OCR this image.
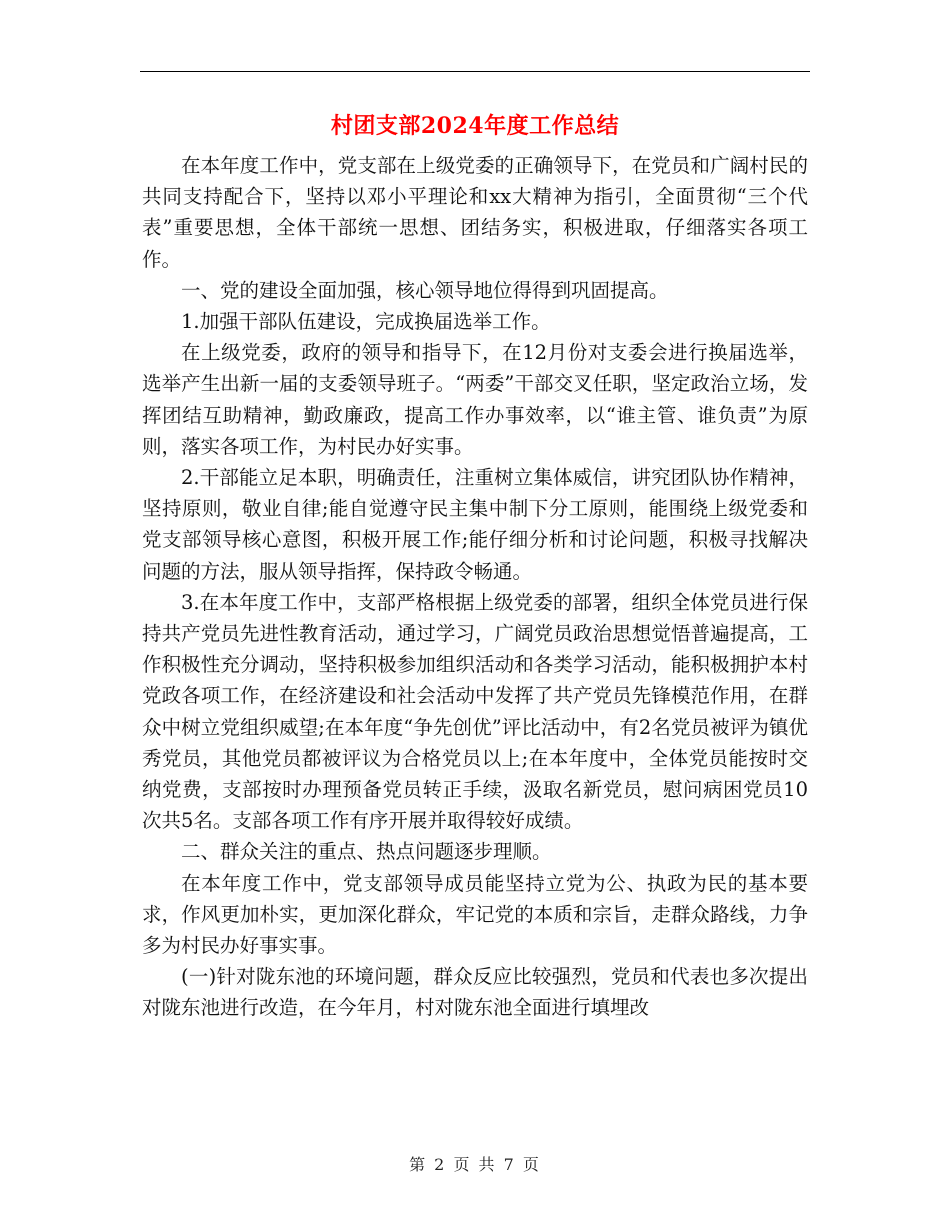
村团支部2024年度工作总结

在本年度工作中，党支部在上级党委的正确领导下，在党员和广阔村民的共同支持配合下，坚持以邓小平理论和xx大精神为指引，全面贯彻“三个代表”重要思想，全体干部统一思想、团结务实，积极进取，仔细落实各项工作。

一、党的建设全面加强，核心领导地位得得到巩固提高。

1.加强干部队伍建设，完成换届选举工作。

在上级党委，政府的领导和指导下，在12月份对支委会进行换届选举，选举产生出新一届的支委领导班子。“两委”干部交叉任职，坚定政治立场，发挥团结互助精神，勤政廉政，提高工作办事效率，以“谁主管、谁负责”为原则，落实各项工作，为村民办好实事。

2.干部能立足本职，明确责任，注重树立集体威信，讲究团队协作精神，坚持原则，敬业自律;能自觉遵守民主集中制下分工原则，能围绕上级党委和党支部领导核心意图，积极开展工作;能仔细分析和讨论问题，积极寻找解决问题的方法，服从领导指挥，保持政令畅通。

3.在本年度工作中，支部严格根据上级党委的部署，组织全体党员进行保持共产党员先进性教育活动，通过学习，广阔党员政治思想觉悟普遍提高，工作积极性充分调动，坚持积极参加组织活动和各类学习活动，能积极拥护本村党政各项工作，在经济建设和社会活动中发挥了共产党员先锋模范作用，在群众中树立党组织威望;在本年度“争先创优”评比活动中，有2名党员被评为镇优秀党员，其他党员都被评议为合格党员以上;在本年度中，全体党员能按时交纳党费，支部按时办理预备党员转正手续，汲取名新党员，慰问病困党员10次共5名。支部各项工作有序开展并取得较好成绩。

二、群众关注的重点、热点问题逐步理顺。

在本年度工作中，党支部领导成员能坚持立党为公、执政为民的基本要求，作风更加朴实，更加深化群众，牢记党的本质和宗旨，走群众路线，力争多为村民办好事实事。

(一)针对陇东池的环境问题，群众反应比较强烈，党员和代表也多次提出对陇东池进行改造，在今年月，村对陇东池全面进行填埋改

第 2 页 共 7 页
